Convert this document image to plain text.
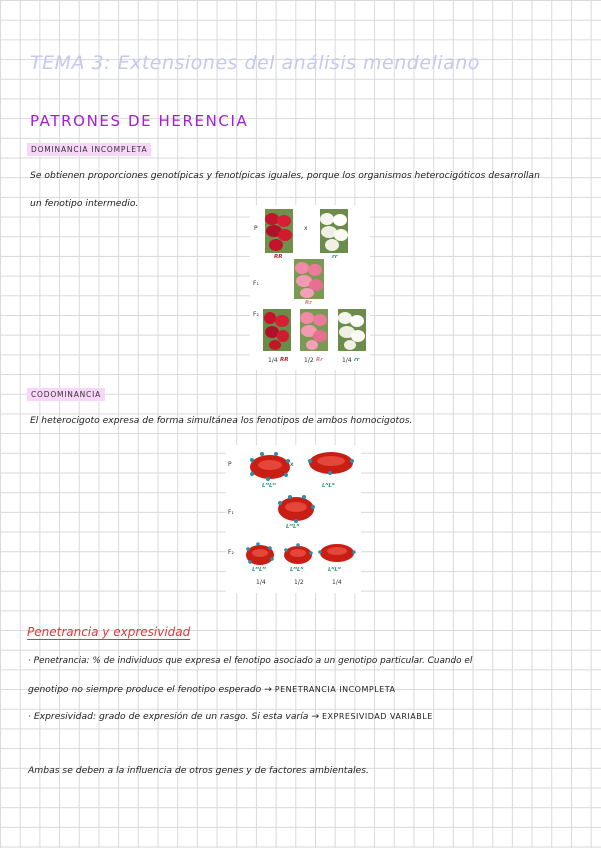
TEMA 3: Extensiones del análisis mendeliano
PATRONES DE HERENCIA
DOMINANCIA INCOMPLETA
Se obtienen proporciones genotípicas y fenotípicas iguales, porque los organismos heterocigóticos desarrollan
un fenotipo intermedio.
P	x
RR	rr
F₁
Rr
F₂
1/4 RR	1/2 Rr	1/4 rr
CODOMINANCIA
El heterocigoto expresa de forma simultánea los fenotipos de ambos homocigotos.
P	x
LᴹLᴹ	LᴺLᴺ
F₁
LᴹLᴺ
F₂
LᴹLᴹ	LᴹLᴺ	LᴺLᴺ
1/4	1/2	1/4
Penetrancia y expresividad
· Penetrancia: % de individuos que expresa el fenotipo asociado a un genotipo particular. Cuando el
genotipo no siempre produce el fenotipo esperado → PENETRANCIA INCOMPLETA
· Expresividad: grado de expresión de un rasgo. Si esta varía → EXPRESIVIDAD VARIABLE
Ambas se deben a la influencia de otros genes y de factores ambientales.
